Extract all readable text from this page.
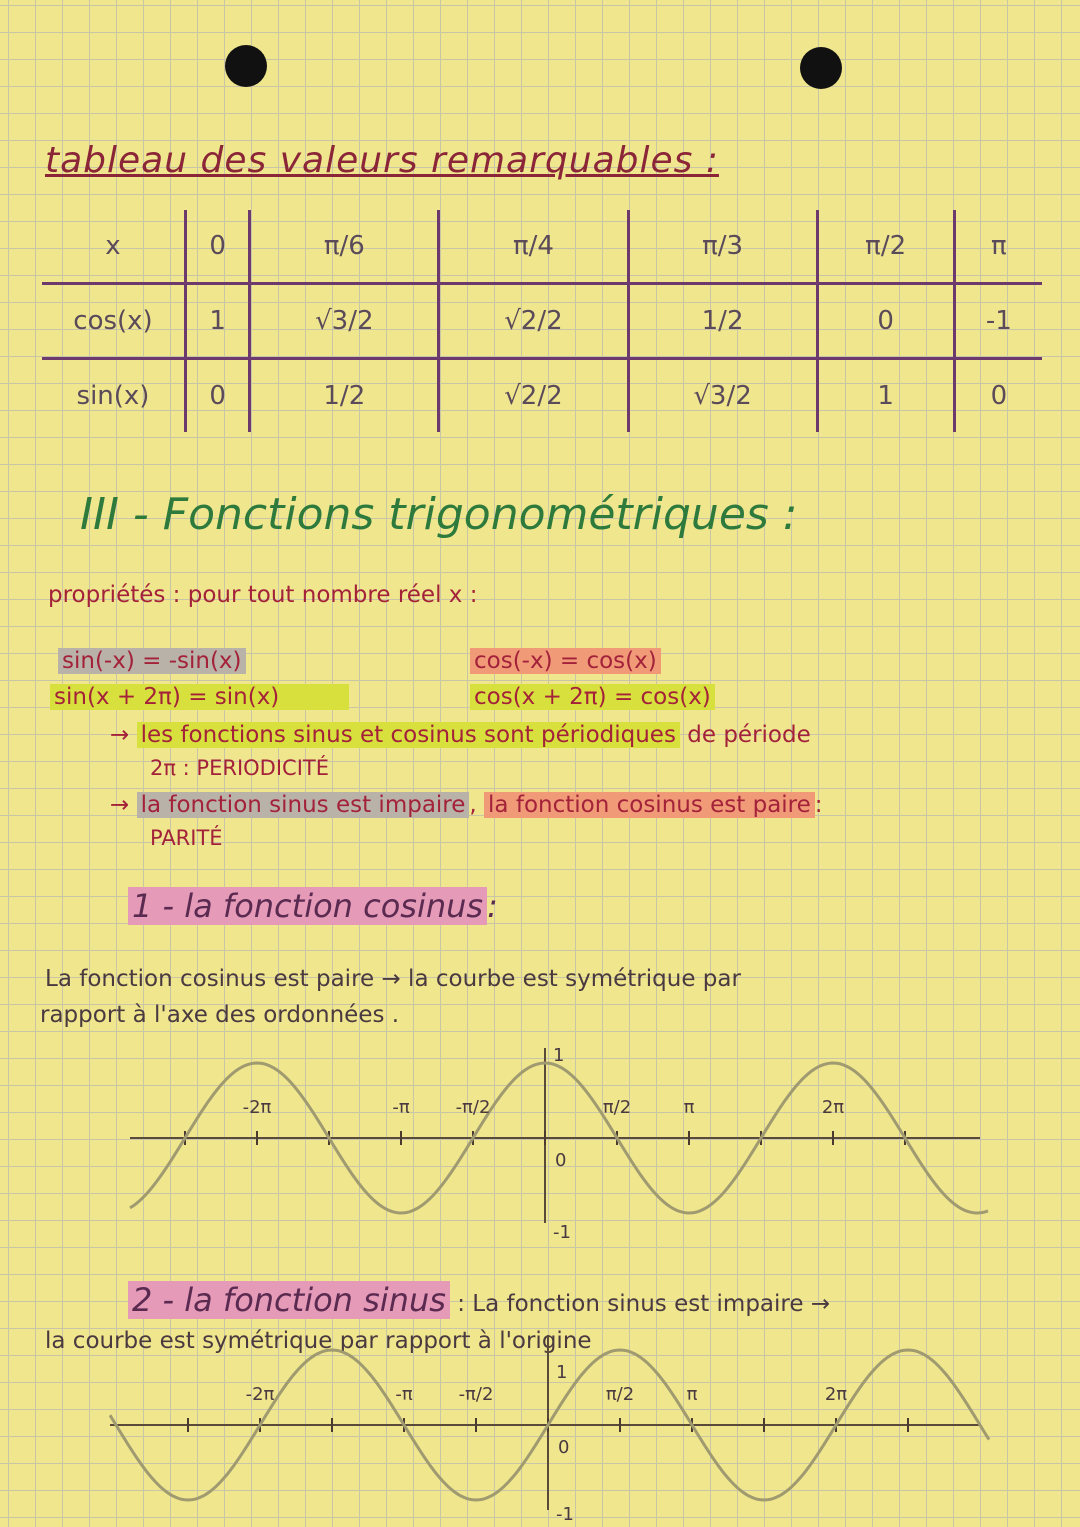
tableau des valeurs remarquables :
x	0	π/6	π/4	π/3	π/2	π
cos(x)	1	√3/2	√2/2	1/2	0	-1
sin(x)	0	1/2	√2/2	√3/2	1	0
III - Fonctions trigonométriques :
propriétés : pour tout nombre réel x :
sin(-x) = -sin(x)	cos(-x) = cos(x)
sin(x + 2π) = sin(x)	cos(x + 2π) = cos(x)
→ les fonctions sinus et cosinus sont périodiques de période
2π : PERIODICITÉ
→ la fonction sinus est impaire , la fonction cosinus est paire :
PARITÉ
1 - la fonction cosinus :
La fonction cosinus est paire → la courbe est symétrique par
rapport à l'axe des ordonnées .
2 - la fonction sinus : La fonction sinus est impaire →
la courbe est symétrique par rapport à l'origine
-2π	-π	-π/2	π/2	π	2π
0
1
-1
-2π	-π	-π/2	π/2	π	2π
0
1
-1
